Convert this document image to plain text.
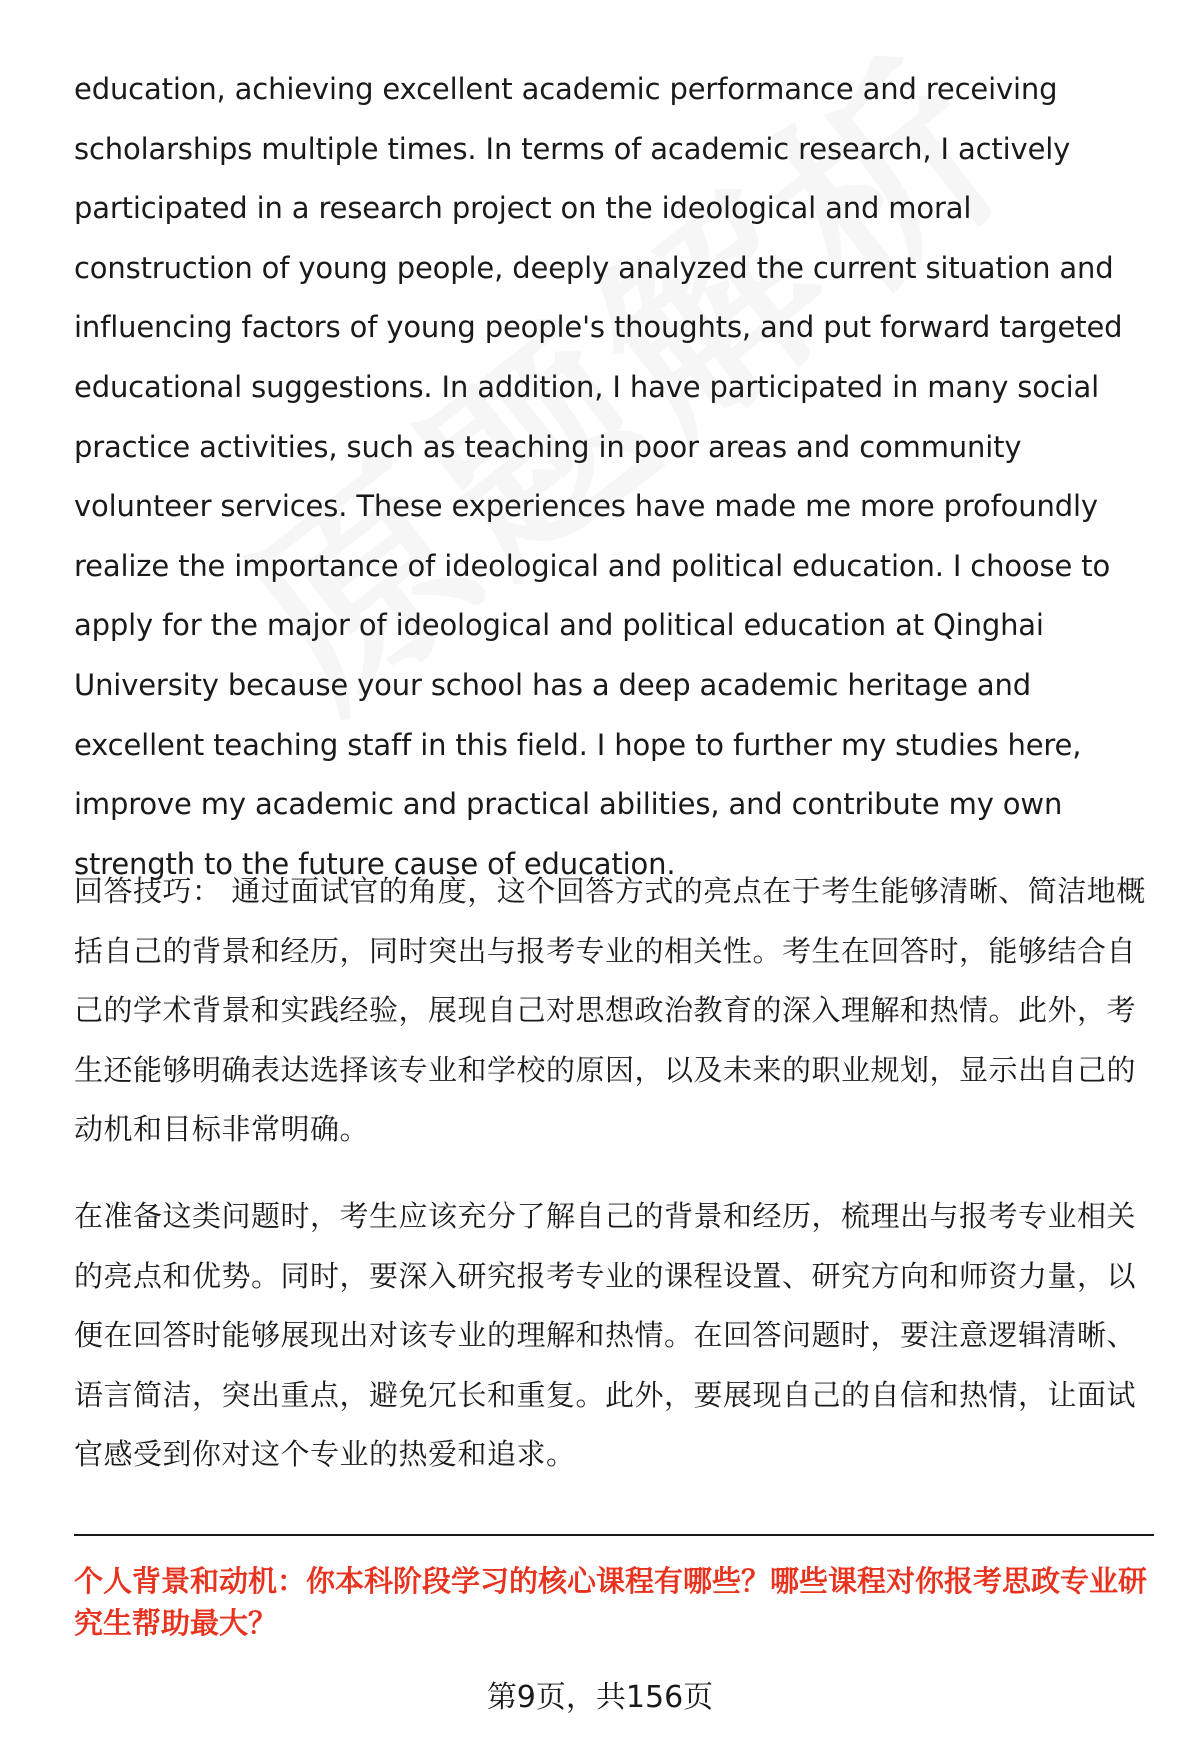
education, achieving excellent academic performance and receiving scholarships multiple times. In terms of academic research, I actively participated in a research project on the ideological and moral construction of young people, deeply analyzed the current situation and influencing factors of young people's thoughts, and put forward targeted educational suggestions. In addition, I have participated in many social practice activities, such as teaching in poor areas and community volunteer services. These experiences have made me more profoundly realize the importance of ideological and political education. I choose to apply for the major of ideological and political education at Qinghai University because your school has a deep academic heritage and excellent teaching staff in this field. I hope to further my studies here, improve my academic and practical abilities, and contribute my own strength to the future cause of education.

回答技巧： 通过面试官的角度，这个回答方式的亮点在于考生能够清晰、简洁地概括自己的背景和经历，同时突出与报考专业的相关性。考生在回答时，能够结合自己的学术背景和实践经验，展现自己对思想政治教育的深入理解和热情。此外，考生还能够明确表达选择该专业和学校的原因，以及未来的职业规划，显示出自己的动机和目标非常明确。

在准备这类问题时，考生应该充分了解自己的背景和经历，梳理出与报考专业相关的亮点和优势。同时，要深入研究报考专业的课程设置、研究方向和师资力量，以便在回答时能够展现出对该专业的理解和热情。在回答问题时，要注意逻辑清晰、语言简洁，突出重点，避免冗长和重复。此外，要展现自己的自信和热情，让面试官感受到你对这个专业的热爱和追求。

个人背景和动机：你本科阶段学习的核心课程有哪些？哪些课程对你报考思政专业研究生帮助最大？

第9页，共156页
